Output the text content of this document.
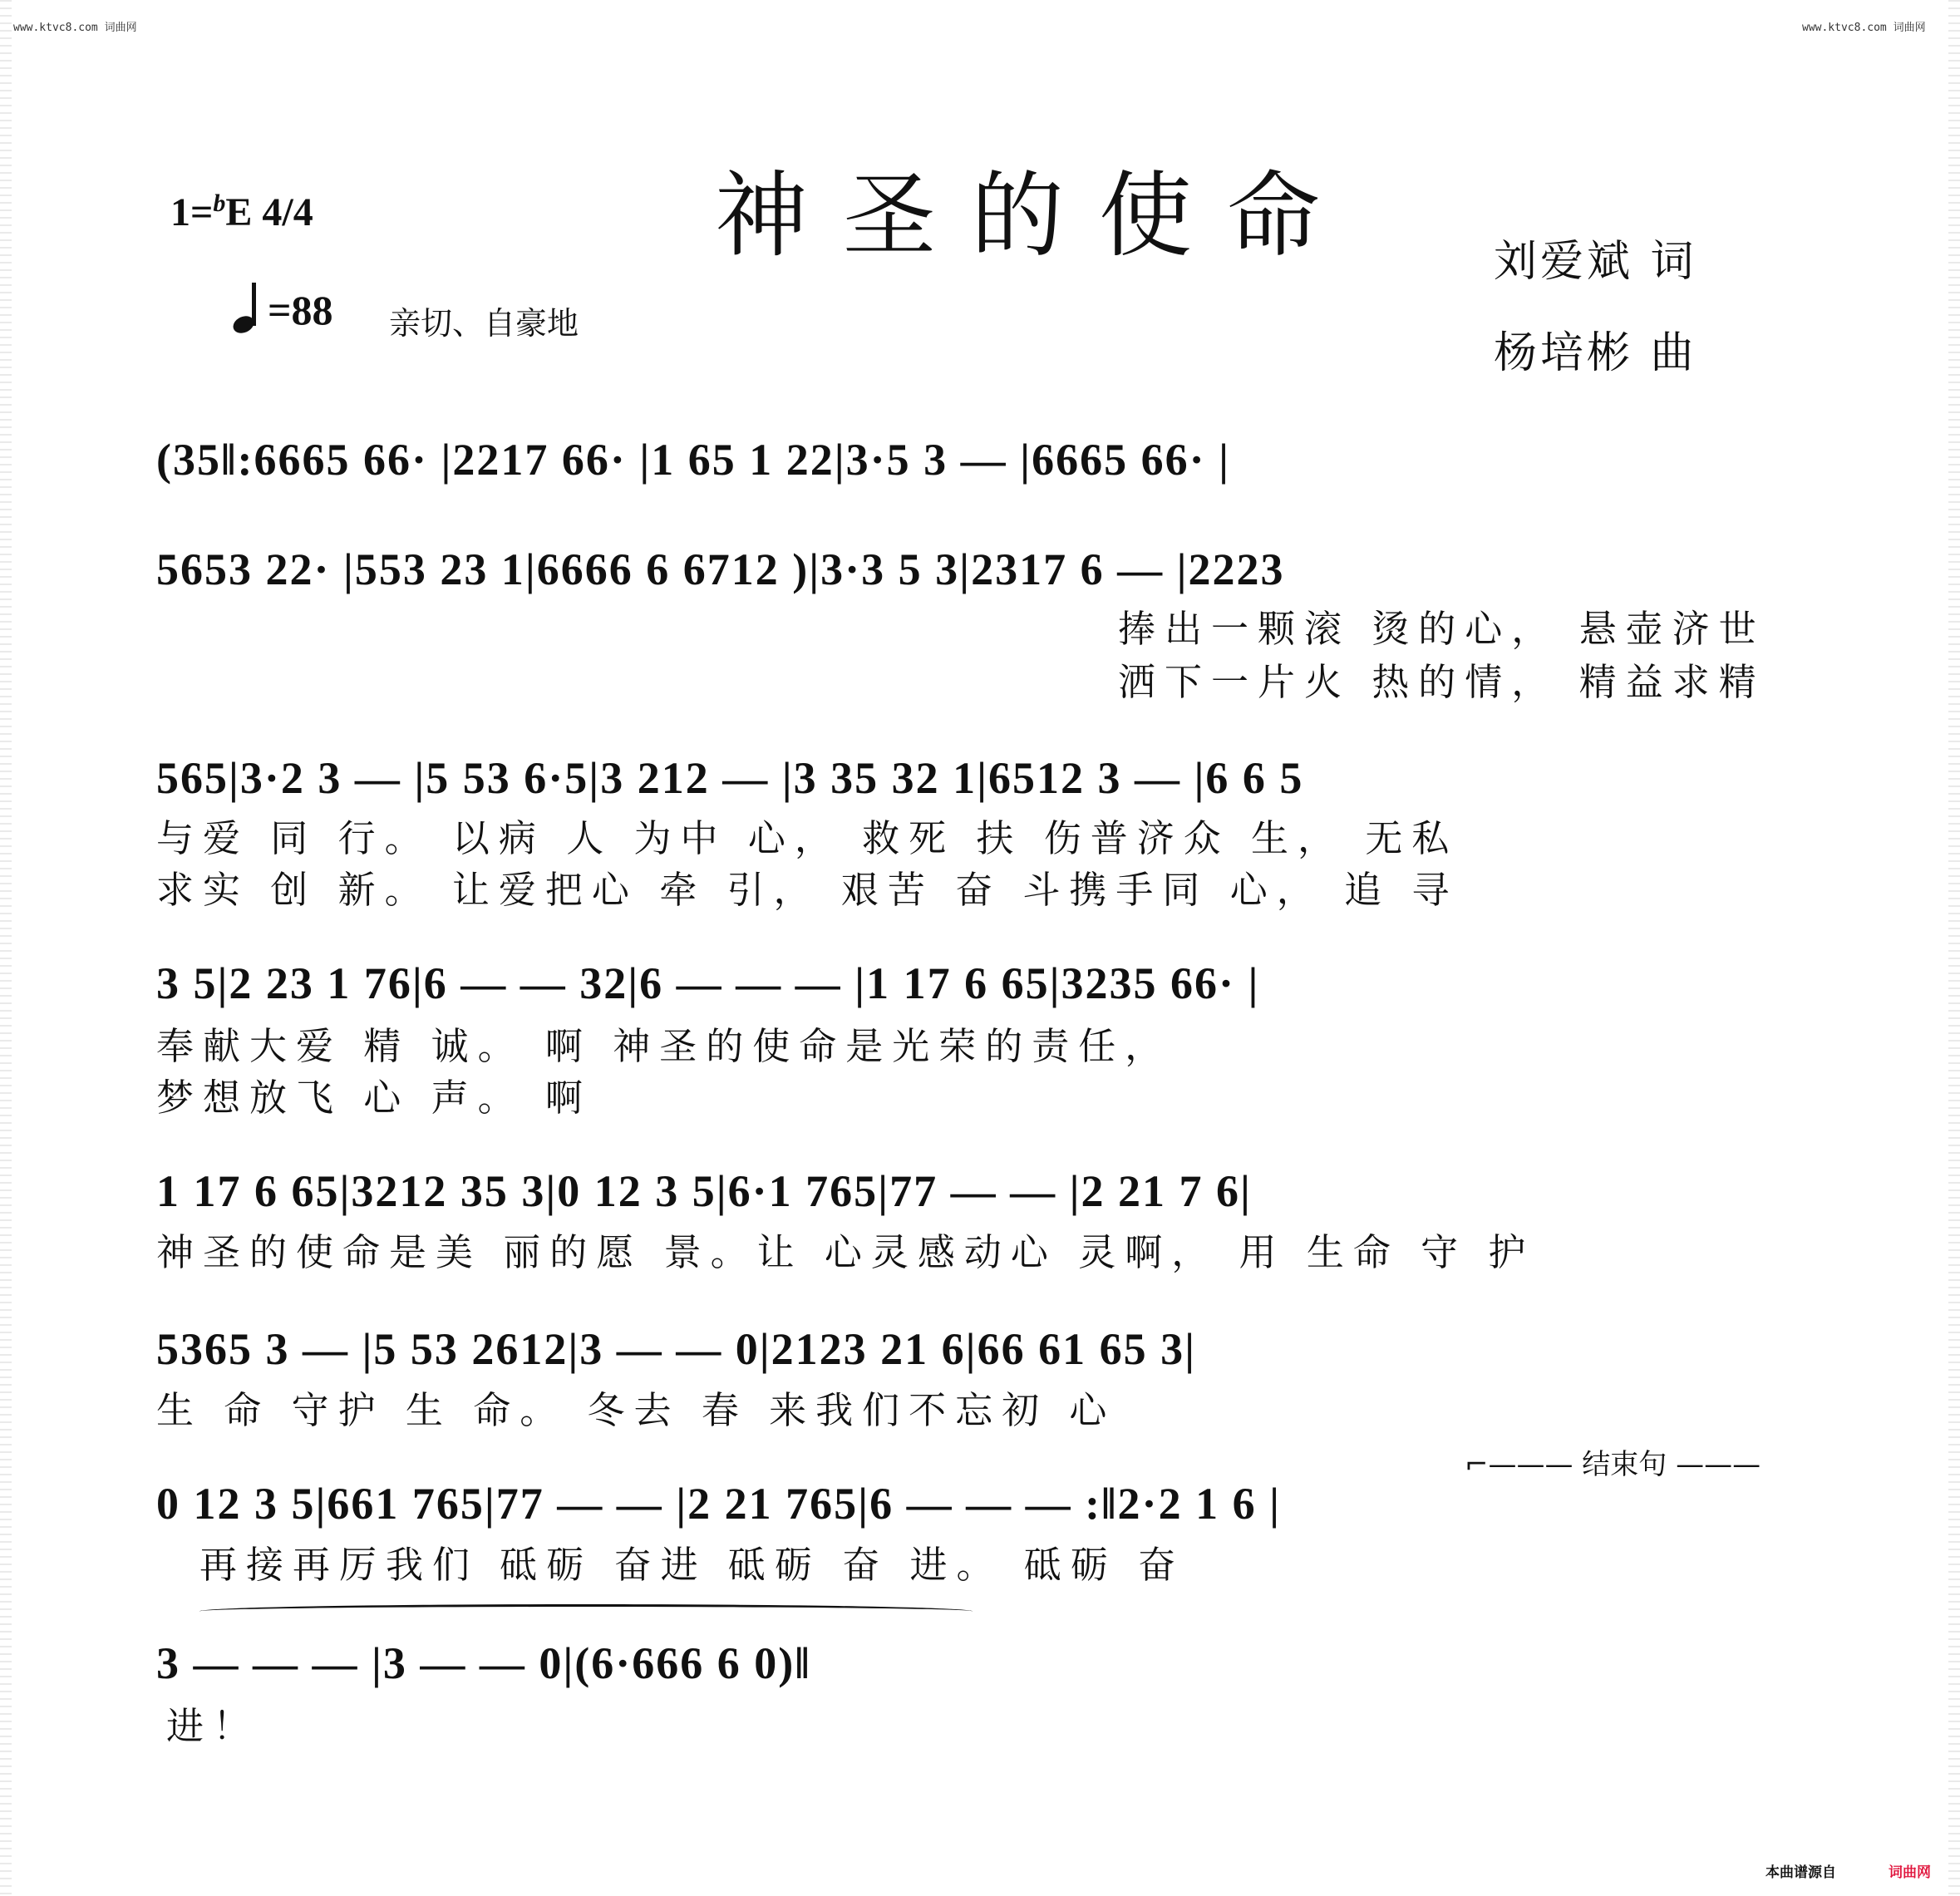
www.ktvc8.com 词曲网	www.ktvc8.com 词曲网
神圣的使命
1=$^b$E 4/4
=88 亲切、自豪地
刘爱斌 词
杨培彬 曲
(35‖:6665 66· |2217 66· |1 65 1 22|3·5 3 — |6665 66· |
5653 22· |553 23 1|6666 6 6712 )|3·3 5 3|2317 6 — |2223
捧出一颗滚 烫的心， 悬壶济世
洒下一片火 热的情， 精益求精
565|3·2 3 — |5 53 6·5|3 212 — |3 35 32 1|6512 3 — |6 6 5
与爱 同 行。 以病 人 为中 心， 救死 扶 伤普济众 生， 无私
求实 创 新。 让爱把心 牵 引， 艰苦 奋 斗携手同 心， 追 寻
3 5|2 23 1 76|6 — — 32|6 — — — |1 17 6 65|3235 66· |
奉献大爱 精 诚。 啊 神圣的使命是光荣的责任，
梦想放飞 心 声。 啊
1 17 6 65|3212 35 3|0 12 3 5|6·1 765|77 — — |2 21 7 6|
神圣的使命是美 丽的愿 景。让 心灵感动心 灵啊， 用 生命 守 护
5365 3 — |5 53 2612|3 — — 0|2123 21 6|66 61 65 3|
生 命 守护 生 命。 冬去 春 来我们不忘初 心
⌐——— 结束句 ———
0 12 3 5|661 765|77 — — |2 21 765|6 — — — :‖2·2 1 6 |
再接再厉我们 砥砺 奋进 砥砺 奋 进。 砥砺 奋
3 — — — |3 — — 0|(6·666 6 0)‖
进！
本曲谱源自	词曲网
